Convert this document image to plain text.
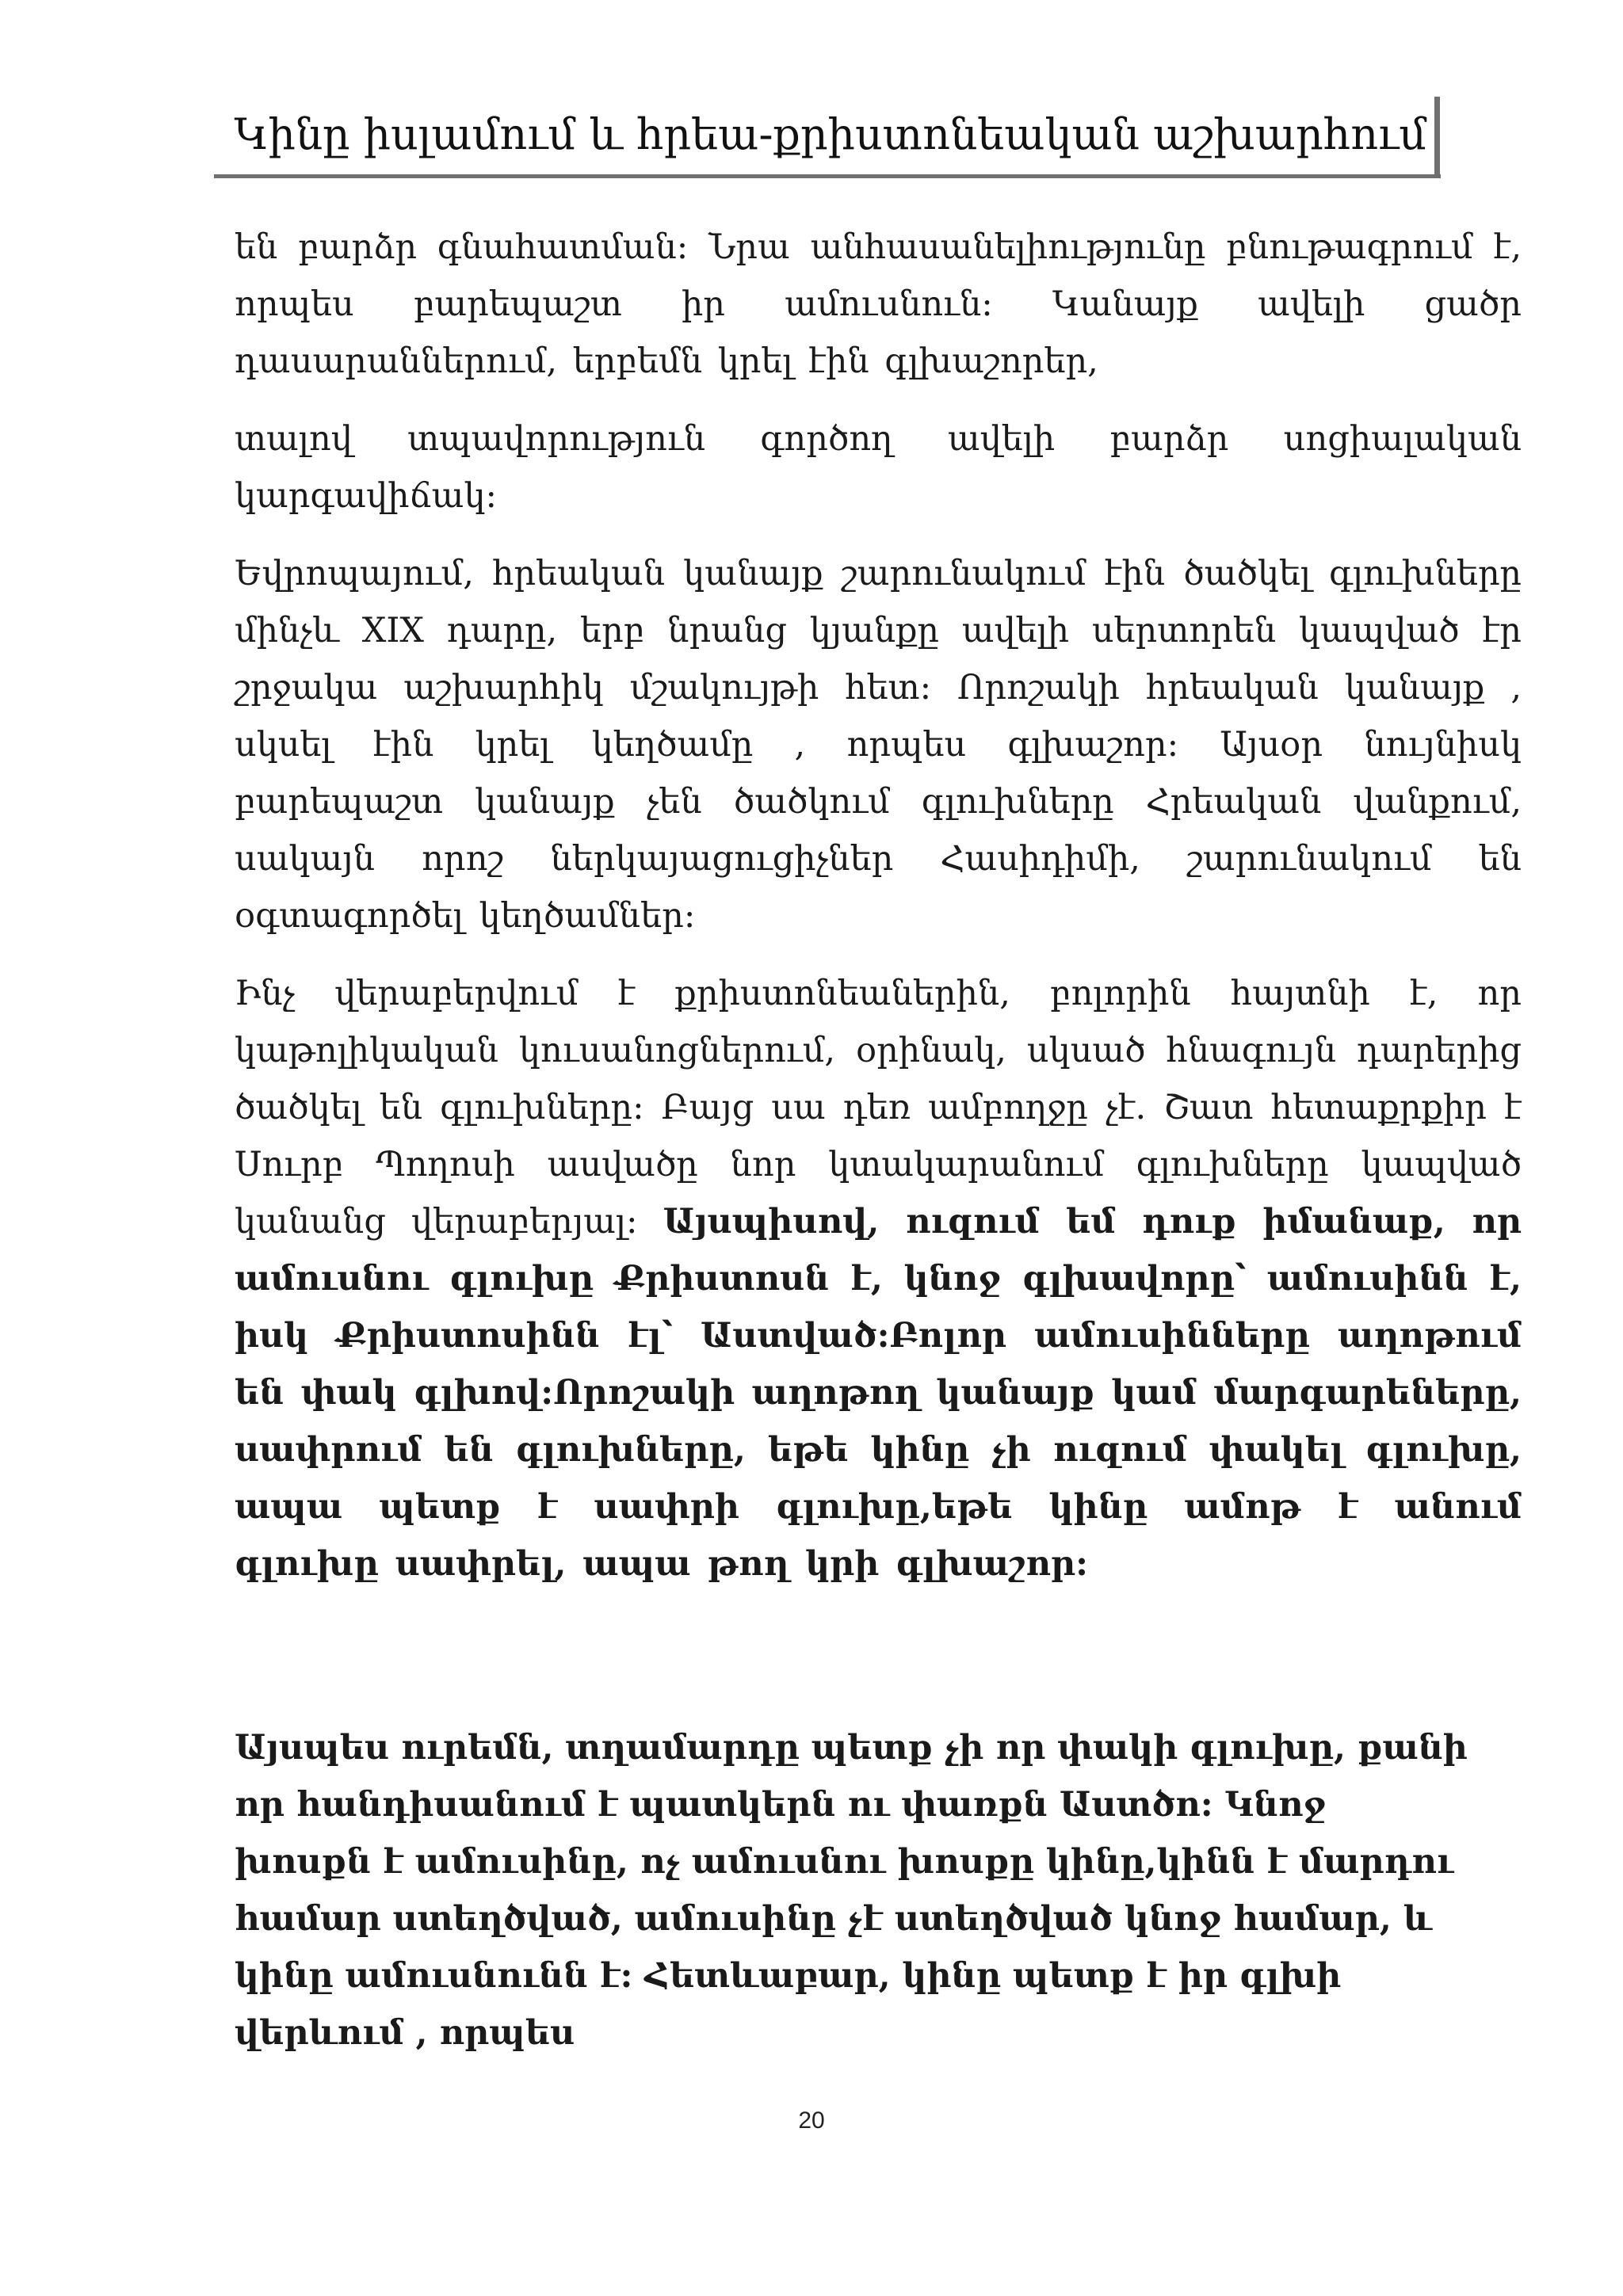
Կինը իսլամում և հրեա-քրիստոնեական աշխարհում

են բարձր գնահատման: Նրա անհասանելիությունը բնութագրում է, որպես բարեպաշտ իր ամուսնուն: Կանայք ավելի ցածր դասարաններում, երբեմն կրել էին գլխաշորեր,

տալով տպավորություն գործող ավելի բարձր սոցիալական կարգավիճակ:

Եվրոպայում, հրեական կանայք շարունակում էին ծածկել գլուխները մինչև XIX դարը, երբ նրանց կյանքը ավելի սերտորեն կապված էր շրջակա աշխարհիկ մշակույթի հետ: Որոշակի հրեական կանայք , սկսել էին կրել կեղծամը , որպես գլխաշոր: Այսօր նույնիսկ բարեպաշտ կանայք չեն ծածկում գլուխները Հրեական վանքում, սակայն որոշ ներկայացուցիչներ Հասիդիմի, շարունակում են օգտագործել կեղծամներ:

Ինչ վերաբերվում է քրիստոնեաներին, բոլորին հայտնի է, որ կաթոլիկական կուսանոցներում, օրինակ, սկսած հնագույն դարերից ծածկել են գլուխները: Բայց սա դեռ ամբողջը չէ. Շատ հետաքրքիր է Սուրբ Պողոսի ասվածը նոր կտակարանում գլուխները կապված կանանց վերաբերյալ: Այսպիսով, ուզում եմ դուք իմանաք, որ ամուսնու գլուխը Քրիստոսն է, կնոջ գլխավորը՝ ամուսինն է, իսկ Քրիստոսինն էլ՝ Աստված:Բոլոր ամուսինները աղոթում են փակ գլխով:Որոշակի աղոթող կանայք կամ մարգարեները, սափրում են գլուխները, եթե կինը չի ուզում փակել գլուխը, ապա պետք է սափրի գլուխը,եթե կինը ամոթ է անում գլուխը սափրել, ապա թող կրի գլխաշոր:

Այսպես ուրեմն, տղամարդը պետք չի որ փակի գլուխը, քանի որ հանդիսանում է պատկերն ու փառքն Աստծո: Կնոջ խոսքն է ամուսինը, ոչ ամուսնու խոսքը կինը,կինն է մարդու համար ստեղծված, ամուսինը չէ ստեղծված կնոջ համար, և կինը ամուսնունն է: Հետևաբար, կինը պետք է իր գլխի վերևում , որպես

20
